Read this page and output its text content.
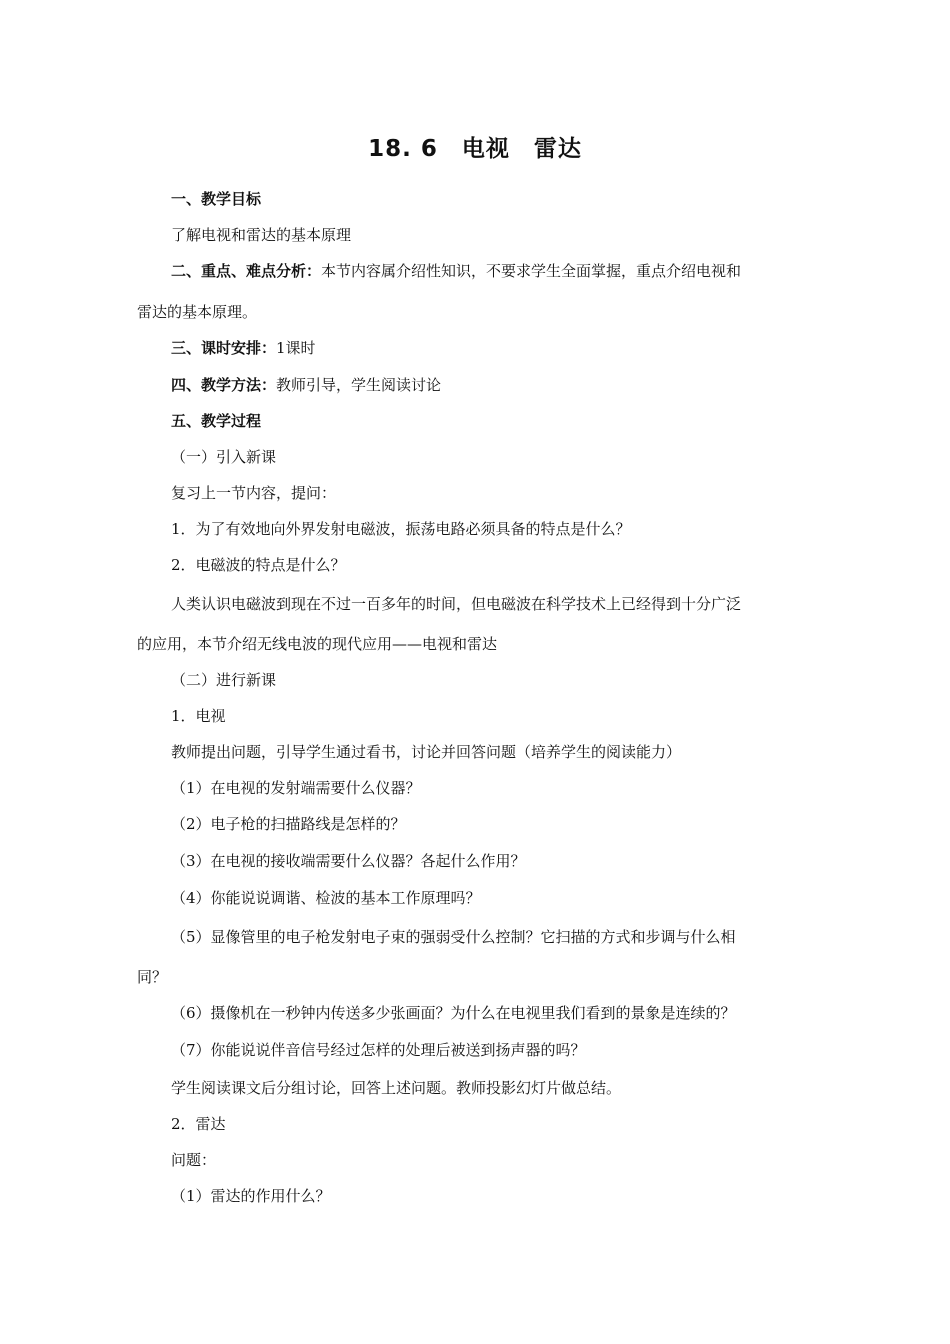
18. 6　电视　雷达
一、教学目标
了解电视和雷达的基本原理
二、重点、难点分析：本节内容属介绍性知识，不要求学生全面掌握，重点介绍电视和
雷达的基本原理。
三、课时安排：1课时
四、教学方法：教师引导，学生阅读讨论
五、教学过程
（一）引入新课
复习上一节内容，提问：
1．为了有效地向外界发射电磁波，振荡电路必须具备的特点是什么？
2．电磁波的特点是什么？
人类认识电磁波到现在不过一百多年的时间，但电磁波在科学技术上已经得到十分广泛
的应用，本节介绍无线电波的现代应用——电视和雷达
（二）进行新课
1．电视
教师提出问题，引导学生通过看书，讨论并回答问题（培养学生的阅读能力）
（1）在电视的发射端需要什么仪器？
（2）电子枪的扫描路线是怎样的？
（3）在电视的接收端需要什么仪器？各起什么作用？
（4）你能说说调谐、检波的基本工作原理吗？
（5）显像管里的电子枪发射电子束的强弱受什么控制？它扫描的方式和步调与什么相
同？
（6）摄像机在一秒钟内传送多少张画面？为什么在电视里我们看到的景象是连续的？
（7）你能说说伴音信号经过怎样的处理后被送到扬声器的吗？
学生阅读课文后分组讨论，回答上述问题。教师投影幻灯片做总结。
2．雷达
问题：
（1）雷达的作用什么？
